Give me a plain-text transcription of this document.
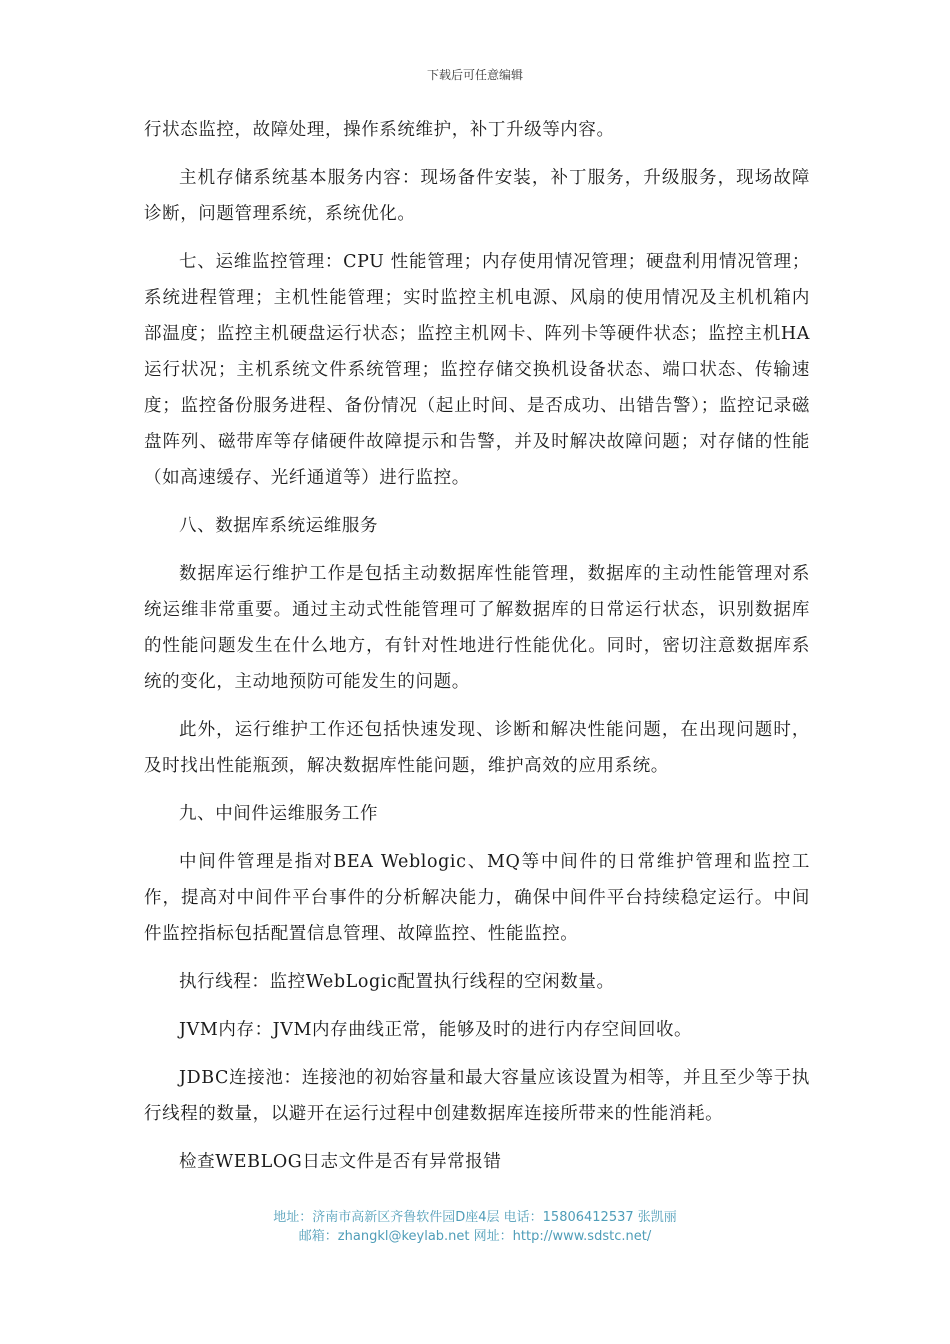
下载后可任意编辑

行状态监控，故障处理，操作系统维护，补丁升级等内容。

主机存储系统基本服务内容：现场备件安装，补丁服务，升级服务，现场故障诊断，问题管理系统，系统优化。

七、运维监控管理：CPU 性能管理；内存使用情况管理；硬盘利用情况管理；系统进程管理；主机性能管理；实时监控主机电源、风扇的使用情况及主机机箱内部温度；监控主机硬盘运行状态；监控主机网卡、阵列卡等硬件状态；监控主机HA运行状况；主机系统文件系统管理；监控存储交换机设备状态、端口状态、传输速度；监控备份服务进程、备份情况（起止时间、是否成功、出错告警）；监控记录磁盘阵列、磁带库等存储硬件故障提示和告警，并及时解决故障问题；对存储的性能（如高速缓存、光纤通道等）进行监控。

八、数据库系统运维服务

数据库运行维护工作是包括主动数据库性能管理，数据库的主动性能管理对系统运维非常重要。通过主动式性能管理可了解数据库的日常运行状态，识别数据库的性能问题发生在什么地方，有针对性地进行性能优化。同时，密切注意数据库系统的变化，主动地预防可能发生的问题。

此外，运行维护工作还包括快速发现、诊断和解决性能问题，在出现问题时，及时找出性能瓶颈，解决数据库性能问题，维护高效的应用系统。

九、中间件运维服务工作

中间件管理是指对BEA Weblogic、MQ等中间件的日常维护管理和监控工作，提高对中间件平台事件的分析解决能力，确保中间件平台持续稳定运行。中间件监控指标包括配置信息管理、故障监控、性能监控。

执行线程：监控WebLogic配置执行线程的空闲数量。

JVM内存：JVM内存曲线正常，能够及时的进行内存空间回收。

JDBC连接池：连接池的初始容量和最大容量应该设置为相等，并且至少等于执行线程的数量，以避开在运行过程中创建数据库连接所带来的性能消耗。

检查WEBLOG日志文件是否有异常报错

地址：济南市高新区齐鲁软件园D座4层 电话：15806412537 张凯丽
邮箱：zhangkl@keylab.net 网址：http://www.sdstc.net/
